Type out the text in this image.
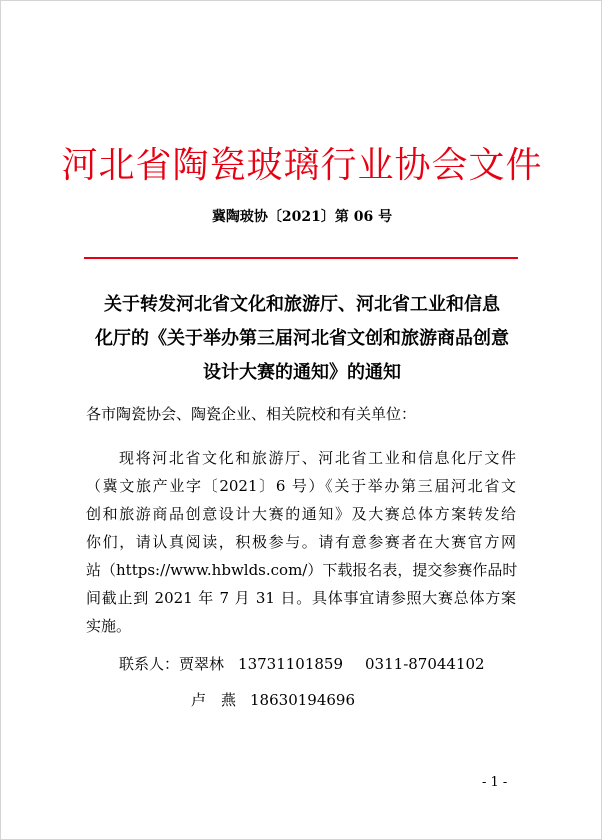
河北省陶瓷玻璃行业协会文件
冀陶玻协〔2021〕第 06 号
关于转发河北省文化和旅游厅、河北省工业和信息
化厅的《关于举办第三届河北省文创和旅游商品创意
设计大赛的通知》的通知
各市陶瓷协会、陶瓷企业、相关院校和有关单位：
现将河北省文化和旅游厅、河北省工业和信息化厅文件
（冀文旅产业字〔2021〕6 号）《关于举办第三届河北省文
创和旅游商品创意设计大赛的通知》及大赛总体方案转发给
你们，请认真阅读，积极参与。请有意参赛者在大赛官方网
站（https://www.hbwlds.com/）下载报名表，提交参赛作品时
间截止到 2021 年 7 月 31 日。具体事宜请参照大赛总体方案
实施。
联系人：贾翠林 13731101859 0311-87044102
卢　燕 18630194696
- 1 -
